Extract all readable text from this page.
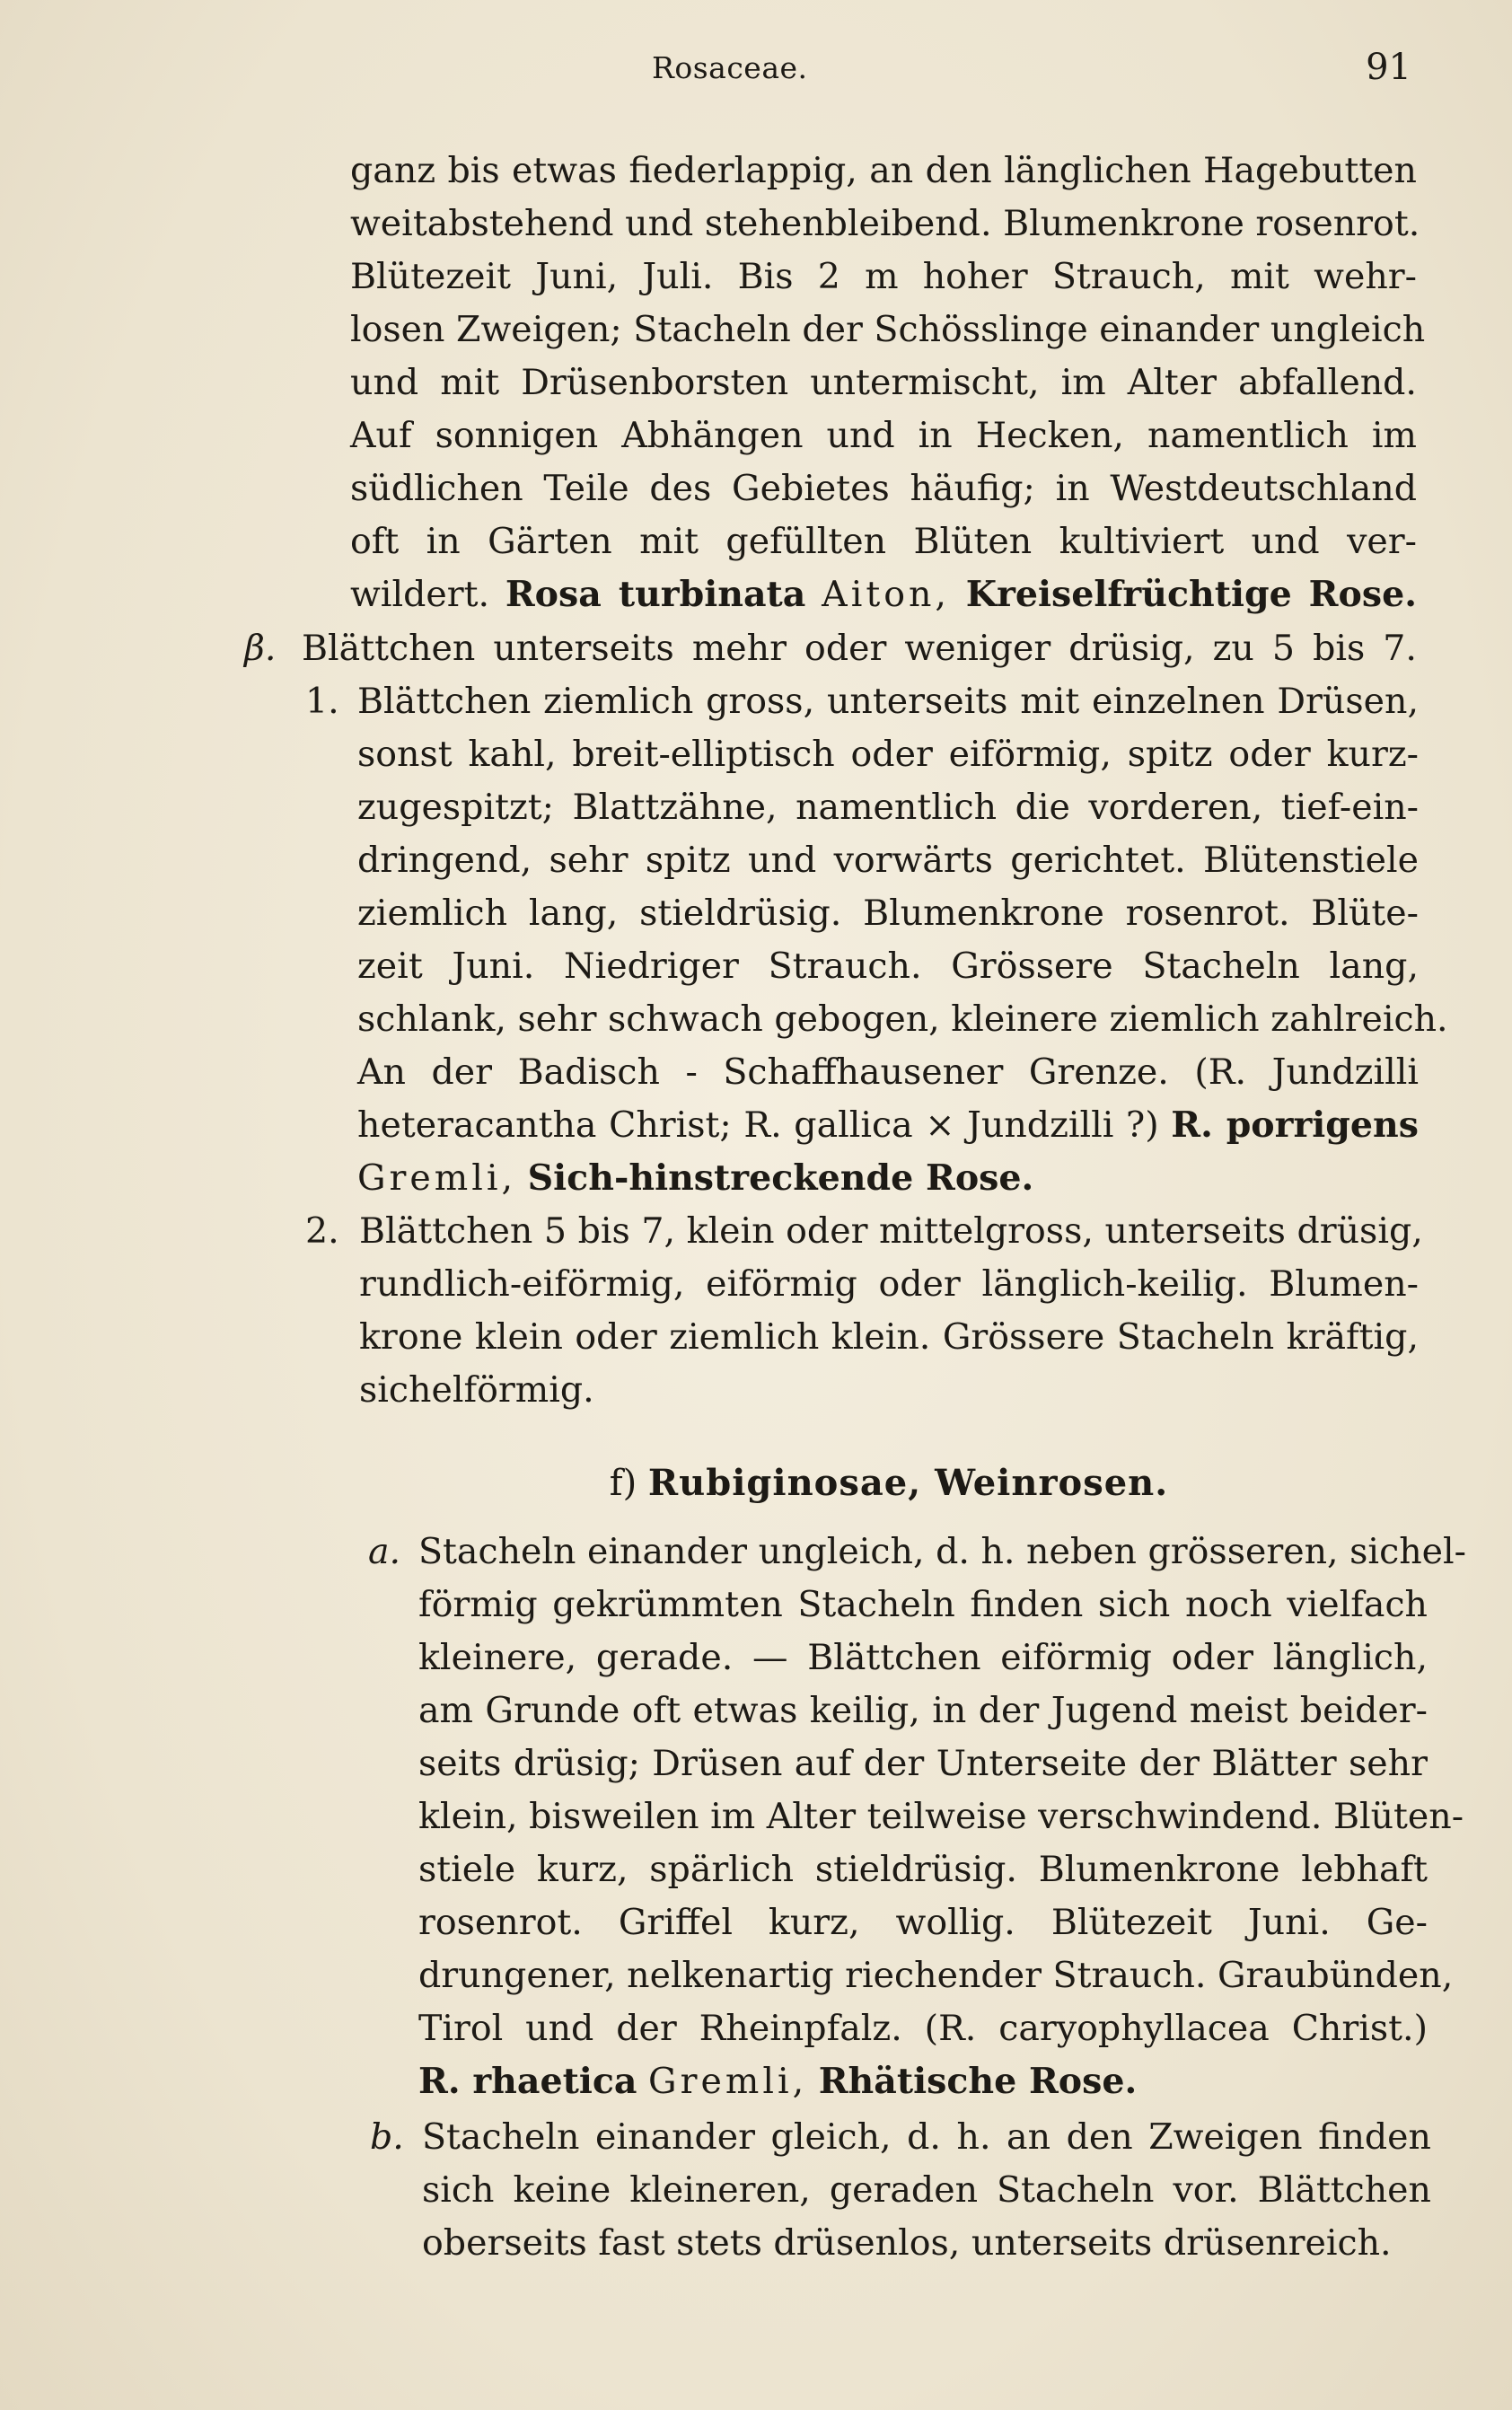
Rosaceae.	91
ganz bis etwas fiederlappig, an den länglichen Hagebutten
weitabstehend und stehenbleibend. Blumenkrone rosenrot.
Blütezeit Juni, Juli. Bis 2 m hoher Strauch, mit wehr-
losen Zweigen; Stacheln der Schösslinge einander ungleich
und mit Drüsenborsten untermischt, im Alter abfallend.
Auf sonnigen Abhängen und in Hecken, namentlich im
südlichen Teile des Gebietes häufig; in Westdeutschland
oft in Gärten mit gefüllten Blüten kultiviert und ver-
wildert. Rosa turbinata Aiton, Kreiselfrüchtige Rose.
β. Blättchen unterseits mehr oder weniger drüsig, zu 5 bis 7.
1. Blättchen ziemlich gross, unterseits mit einzelnen Drüsen,
sonst kahl, breit-elliptisch oder eiförmig, spitz oder kurz-
zugespitzt; Blattzähne, namentlich die vorderen, tief-ein-
dringend, sehr spitz und vorwärts gerichtet. Blütenstiele
ziemlich lang, stieldrüsig. Blumenkrone rosenrot. Blüte-
zeit Juni. Niedriger Strauch. Grössere Stacheln lang,
schlank, sehr schwach gebogen, kleinere ziemlich zahlreich.
An der Badisch - Schaffhausener Grenze. (R. Jundzilli
heteracantha Christ; R. gallica × Jundzilli ?) R. porrigens
Gremli, Sich-hinstreckende Rose.
2. Blättchen 5 bis 7, klein oder mittelgross, unterseits drüsig,
rundlich-eiförmig, eiförmig oder länglich-keilig. Blumen-
krone klein oder ziemlich klein. Grössere Stacheln kräftig,
sichelförmig.
f) Rubiginosae, Weinrosen.
a. Stacheln einander ungleich, d. h. neben grösseren, sichel-
förmig gekrümmten Stacheln finden sich noch vielfach
kleinere, gerade. — Blättchen eiförmig oder länglich,
am Grunde oft etwas keilig, in der Jugend meist beider-
seits drüsig; Drüsen auf der Unterseite der Blätter sehr
klein, bisweilen im Alter teilweise verschwindend. Blüten-
stiele kurz, spärlich stieldrüsig. Blumenkrone lebhaft
rosenrot. Griffel kurz, wollig. Blütezeit Juni. Ge-
drungener, nelkenartig riechender Strauch. Graubünden,
Tirol und der Rheinpfalz. (R. caryophyllacea Christ.)
R. rhaetica Gremli, Rhätische Rose.
b. Stacheln einander gleich, d. h. an den Zweigen finden
sich keine kleineren, geraden Stacheln vor. Blättchen
oberseits fast stets drüsenlos, unterseits drüsenreich.
